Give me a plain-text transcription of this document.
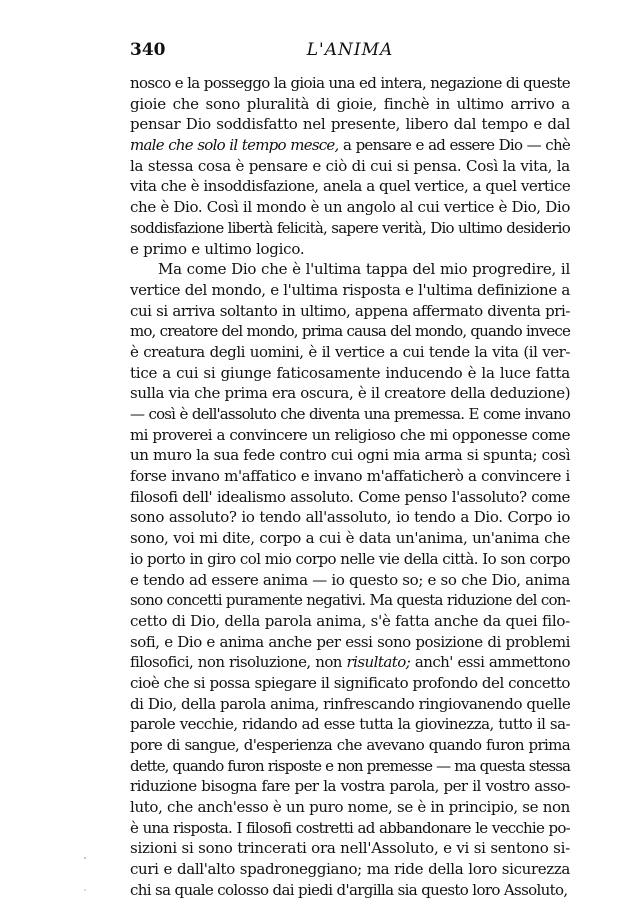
340	L'ANIMA
nosco e la posseggo la gioia una ed intera, negazione di queste
gioie che sono pluralità di gioie, finchè in ultimo arrivo a
pensar Dio soddisfatto nel presente, libero dal tempo e dal
male che solo il tempo mesce, a pensare e ad essere Dio — chè
la stessa cosa è pensare e ciò di cui si pensa. Così la vita, la
vita che è insoddisfazione, anela a quel vertice, a quel vertice
che è Dio. Così il mondo è un angolo al cui vertice è Dio, Dio
soddisfazione libertà felicità, sapere verità, Dio ultimo desiderio
e primo e ultimo logico.
Ma come Dio che è l'ultima tappa del mio progredire, il
vertice del mondo, e l'ultima risposta e l'ultima definizione a
cui si arriva soltanto in ultimo, appena affermato diventa pri-
mo, creatore del mondo, prima causa del mondo, quando invece
è creatura degli uomini, è il vertice a cui tende la vita (il ver-
tice a cui si giunge faticosamente inducendo è la luce fatta
sulla via che prima era oscura, è il creatore della deduzione)
— così è dell'assoluto che diventa una premessa. E come invano
mi proverei a convincere un religioso che mi opponesse come
un muro la sua fede contro cui ogni mia arma si spunta; così
forse invano m'affatico e invano m'affaticherò a convincere i
filosofi dell' idealismo assoluto. Come penso l'assoluto? come
sono assoluto? io tendo all'assoluto, io tendo a Dio. Corpo io
sono, voi mi dite, corpo a cui è data un'anima, un'anima che
io porto in giro col mio corpo nelle vie della città. Io son corpo
e tendo ad essere anima — io questo so; e so che Dio, anima
sono concetti puramente negativi. Ma questa riduzione del con-
cetto di Dio, della parola anima, s'è fatta anche da quei filo-
sofi, e Dio e anima anche per essi sono posizione di problemi
filosofici, non risoluzione, non risultato; anch' essi ammettono
cioè che si possa spiegare il significato profondo del concetto
di Dio, della parola anima, rinfrescando ringiovanendo quelle
parole vecchie, ridando ad esse tutta la giovinezza, tutto il sa-
pore di sangue, d'esperienza che avevano quando furon prima
dette, quando furon risposte e non premesse — ma questa stessa
riduzione bisogna fare per la vostra parola, per il vostro asso-
luto, che anch'esso è un puro nome, se è in principio, se non
è una risposta. I filosofi costretti ad abbandonare le vecchie po-
sizioni si sono trincerati ora nell'Assoluto, e vi si sentono si-
curi e dall'alto spadroneggiano; ma ride della loro sicurezza
chi sa quale colosso dai piedi d'argilla sia questo loro Assoluto,
